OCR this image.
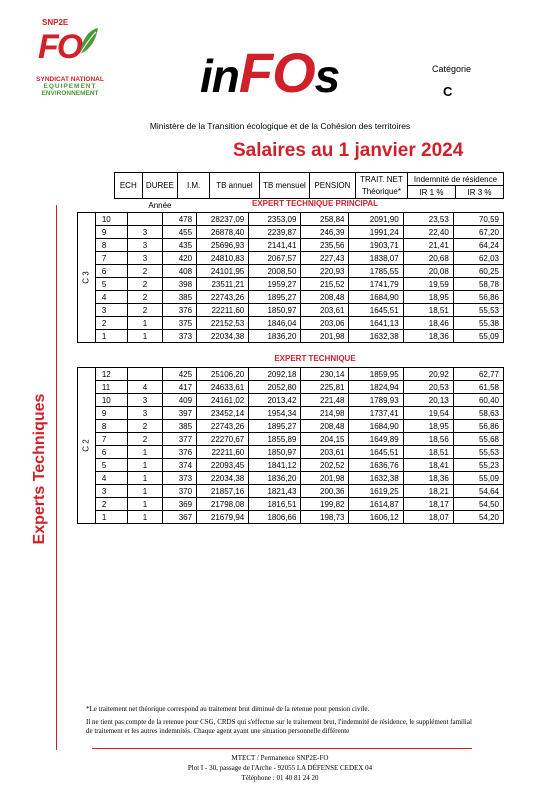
SNP2E
FO
SYNDICAT NATIONAL
EQUIPEMENT
ENVIRONNEMENT inFOs	Catégorie
C
Ministère de la Transition écologique et de la Cohésion des territoires
Salaires au 1 janvier 2024
Experts Techniques
ECH	DUREE	I.M.	TB annuel	TB mensuel	PENSION	TRAIT. NET	Indemnité de résidence	
						Théorique*	IR 1 %	IR 3 %
	Année								EXPERT TECHNIQUE PRINCIPAL
C 3	10		478	28237,09	2353,09	258,84	2091,90	23,53	70,59
	9	3	455	26878,40	2239,87	246,39	1991,24	22,40	67,20
	8	3	435	25696,93	2141,41	235,56	1903,71	21,41	64,24
	7	3	420	24810,83	2067,57	227,43	1838,07	20,68	62,03
	6	2	408	24101,95	2008,50	220,93	1785,55	20,08	60,25
	5	2	398	23511,21	1959,27	215,52	1741,79	19,59	58,78
	4	2	385	22743,26	1895,27	208,48	1684,90	18,95	56,86
	3	2	376	22211,60	1850,97	203,61	1645,51	18,51	55,53
	2	1	375	22152,53	1846,04	203,06	1641,13	18,46	55,38
	1	1	373	22034,38	1836,20	201,98	1632,38	18,36	55,09
EXPERT TECHNIQUE
C 2	12		425	25106,20	2092,18	230,14	1859,95	20,92	62,77
	11	4	417	24633,61	2052,80	225,81	1824,94	20,53	61,58
	10	3	409	24161,02	2013,42	221,48	1789,93	20,13	60,40
	9	3	397	23452,14	1954,34	214,98	1737,41	19,54	58,63
	8	2	385	22743,26	1895,27	208,48	1684,90	18,95	56,86
	7	2	377	22270,67	1855,89	204,15	1649,89	18,56	55,68
	6	1	376	22211,60	1850,97	203,61	1645,51	18,51	55,53
	5	1	374	22093,45	1841,12	202,52	1636,76	18,41	55,23
	4	1	373	22034,38	1836,20	201,98	1632,38	18,36	55,09
	3	1	370	21857,16	1821,43	200,36	1619,25	18,21	54,64
	2	1	369	21798,08	1816,51	199,82	1614,87	18,17	54,50
	1	1	367	21679,94	1806,66	198,73	1606,12	18,07	54,20
*Le traitement net théorique correspond au traitement brut diminué de la retenue pour pension civile.
Il ne tient pas compte de la retenue pour CSG, CRDS qui s'effectue sur le traitement brut, l'indemnité de résidence, le supplément familial de traitement et les autres indemnités. Chaque agent ayant une situation personnelle différente
MTECT / Permanence SNP2E-FO
Plot I - 30, passage de l'Arche - 92055 LA DÉFENSE CEDEX 04
Téléphone : 01 40 81 24 20
